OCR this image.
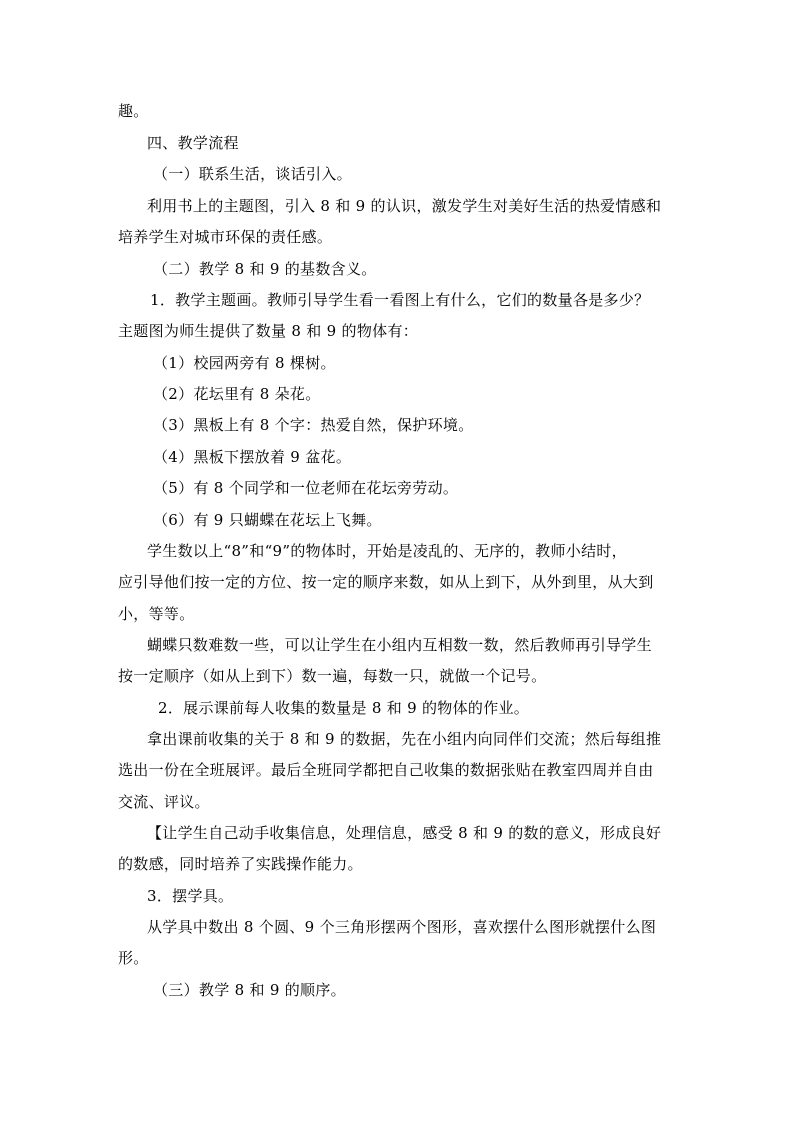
趣。
四、教学流程
（一）联系生活，谈话引入。
利用书上的主题图，引入 8 和 9 的认识，激发学生对美好生活的热爱情感和
培养学生对城市环保的责任感。
（二）教学 8 和 9 的基数含义。
1．教学主题画。教师引导学生看一看图上有什么，它们的数量各是多少？
主题图为师生提供了数量 8 和 9 的物体有：
（1）校园两旁有 8 棵树。
（2）花坛里有 8 朵花。
（3）黑板上有 8 个字：热爱自然，保护环境。
（4）黑板下摆放着 9 盆花。
（5）有 8 个同学和一位老师在花坛旁劳动。
（6）有 9 只蝴蝶在花坛上飞舞。
学生数以上“8”和“9”的物体时，开始是凌乱的、无序的，教师小结时，
应引导他们按一定的方位、按一定的顺序来数，如从上到下，从外到里，从大到
小，等等。
蝴蝶只数难数一些，可以让学生在小组内互相数一数，然后教师再引导学生
按一定顺序（如从上到下）数一遍，每数一只，就做一个记号。
2．展示课前每人收集的数量是 8 和 9 的物体的作业。
拿出课前收集的关于 8 和 9 的数据，先在小组内向同伴们交流；然后每组推
选出一份在全班展评。最后全班同学都把自己收集的数据张贴在教室四周并自由
交流、评议。
【让学生自己动手收集信息，处理信息，感受 8 和 9 的数的意义，形成良好
的数感，同时培养了实践操作能力。
3．摆学具。
从学具中数出 8 个圆、9 个三角形摆两个图形，喜欢摆什么图形就摆什么图
形。
（三）教学 8 和 9 的顺序。
